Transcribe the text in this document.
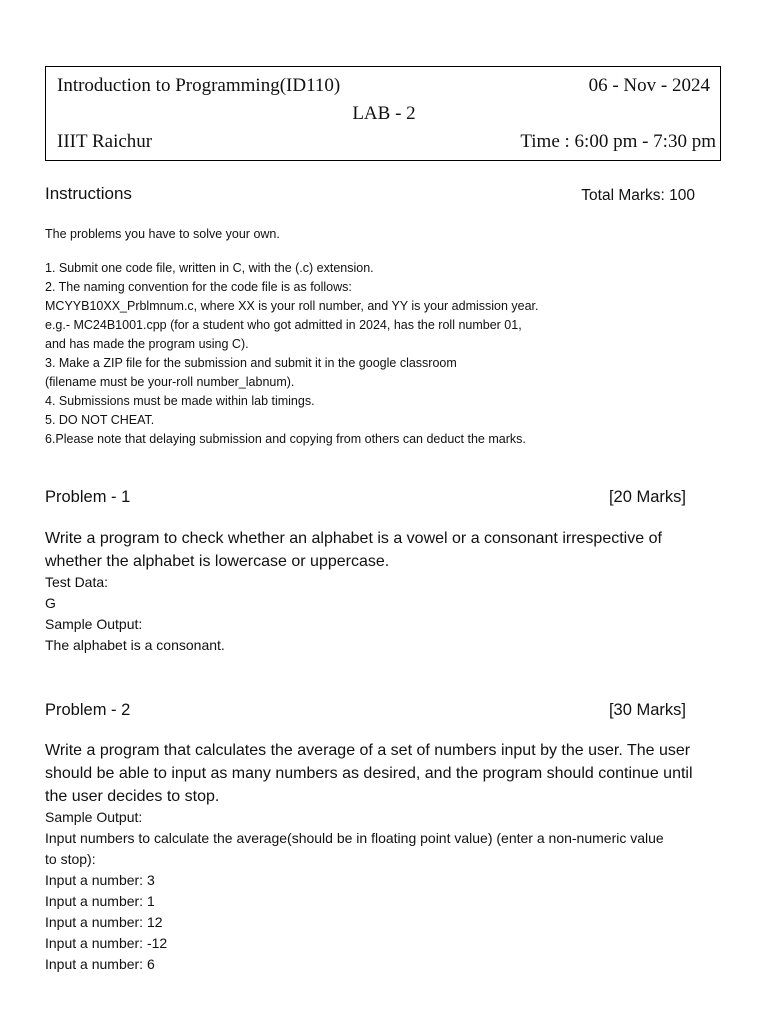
Introduction to Programming(ID110)	06 - Nov - 2024
LAB - 2
IIIT Raichur	Time : 6:00 pm - 7:30 pm
Instructions	Total Marks: 100
The problems you have to solve your own.
1. Submit one code file, written in C, with the (.c) extension.
2. The naming convention for the code file is as follows:
MCYYB10XX_Prblmnum.c, where XX is your roll number, and YY is your admission year.
e.g.- MC24B1001.cpp (for a student who got admitted in 2024, has the roll number 01,
and has made the program using C).
3. Make a ZIP file for the submission and submit it in the google classroom
(filename must be your-roll number_labnum).
4. Submissions must be made within lab timings.
5. DO NOT CHEAT.
6.Please note that delaying submission and copying from others can deduct the marks.
Problem - 1	[20 Marks]
Write a program to check whether an alphabet is a vowel or a consonant irrespective of
whether the alphabet is lowercase or uppercase.
Test Data:
G
Sample Output:
The alphabet is a consonant.
Problem - 2	[30 Marks]
Write a program that calculates the average of a set of numbers input by the user. The user
should be able to input as many numbers as desired, and the program should continue until
the user decides to stop.
Sample Output:
Input numbers to calculate the average(should be in floating point value) (enter a non-numeric value
to stop):
Input a number: 3
Input a number: 1
Input a number: 12
Input a number: -12
Input a number: 6
